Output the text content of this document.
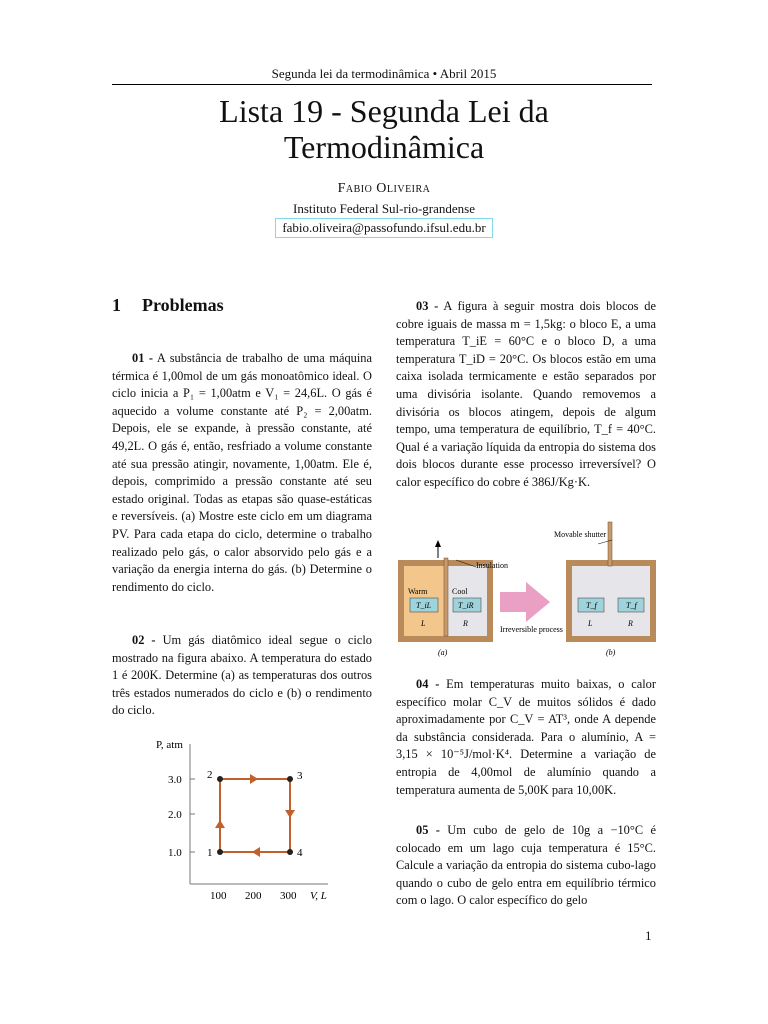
Segunda lei da termodinâmica • Abril 2015
Lista 19 - Segunda Lei da
Termodinâmica
Fabio Oliveira
Instituto Federal Sul-rio-grandense
fabio.oliveira@passofundo.ifsul.edu.br
1 Problemas

01 - A substância de trabalho de uma máquina térmica é 1,00mol de um gás monoatômico ideal. O ciclo inicia a P₁ = 1,00atm e V₁ = 24,6L. O gás é aquecido a volume constante até P₂ = 2,00atm. Depois, ele se expande, à pressão constante, até 49,2L. O gás é, então, resfriado a volume constante até sua pressão atingir, novamente, 1,00atm. Ele é, depois, comprimido a pressão constante até seu estado original. Todas as etapas são quase-estáticas e reversíveis. (a) Mostre este ciclo em um diagrama PV. Para cada etapa do ciclo, determine o trabalho realizado pelo gás, o calor absorvido pelo gás e a variação da energia interna do gás. (b) Determine o rendimento do ciclo.

02 - Um gás diatômico ideal segue o ciclo mostrado na figura abaixo. A temperatura do estado 1 é 200K. Determine (a) as temperaturas dos outros três estados numerados do ciclo e (b) o rendimento do ciclo.

P, atm
3.0
2.0
1.0
100 200 300 V, L
1
2	3
4

03 - A figura à seguir mostra dois blocos de cobre iguais de massa m = 1,5kg: o bloco E, a uma temperatura T_iE = 60°C e o bloco D, a uma temperatura T_iD = 20°C. Os blocos estão em uma caixa isolada termicamente e estão separados por uma divisória isolante. Quando removemos a divisória os blocos atingem, depois de algum tempo, uma temperatura de equilíbrio, T_f = 40°C. Qual é a variação líquida da entropia do sistema dos dois blocos durante esse processo irreversível? O calor específico do cobre é 386J/Kg·K.

Warm	Cool
T_iL	T_iR
L	R
Insulation
(a)
Irreversible process
Movable shutter
T_f	T_f
L	R
(b)

04 - Em temperaturas muito baixas, o calor específico molar C_V de muitos sólidos é dado aproximadamente por C_V = AT³, onde A depende da substância considerada. Para o alumínio, A = 3,15 × 10⁻⁵J/mol·K⁴. Determine a variação de entropia de 4,00mol de alumínio quando a temperatura aumenta de 5,00K para 10,00K.

05 - Um cubo de gelo de 10g a −10°C é colocado em um lago cuja temperatura é 15°C. Calcule a variação da entropia do sistema cubo-lago quando o cubo de gelo entra em equilíbrio térmico com o lago. O calor específico do gelo

1
